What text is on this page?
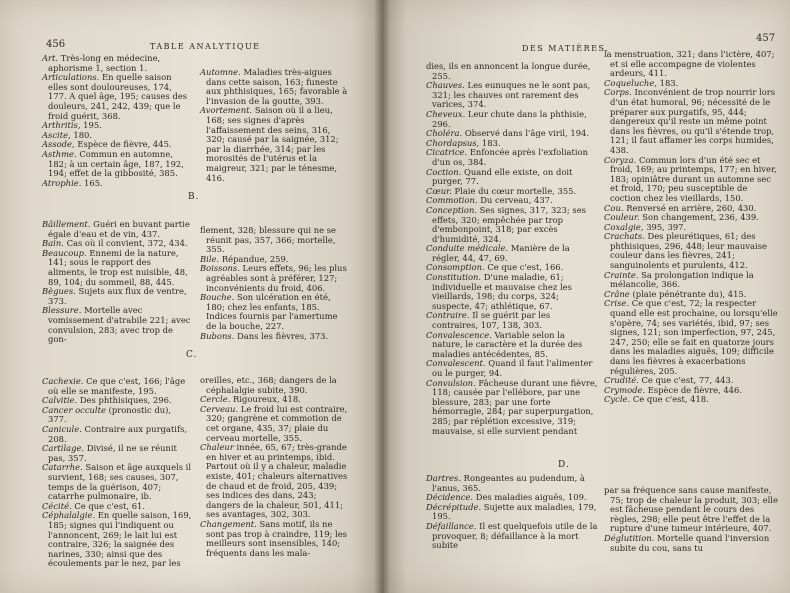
456	TABLE ANALYTIQUE
Art. Très-long en médecine, aphorisme 1, section 1.
Articulations. En quelle saison elles sont douloureuses, 174, 177. A quel âge, 195; causes des douleurs, 241, 242, 439; que le froid guérit, 368.
Arthritis, 195.
Ascite, 180.
Assode, Espèce de fièvre, 445.
Asthme. Commun en automne, 182; à un certain âge, 187, 192, 194; effet de la gibbosité, 385.
Atrophie. 165.
Automne. Maladies très-aigues dans cette saison, 163; funeste aux phthisiques, 165; favorable à l'invasion de la goutte, 393.
Avortement. Saison où il a lieu, 168; ses signes d'après l'affaissement des seins, 316, 320; causé par la saignée, 312; par la diarrhée, 314; par les morosités de l'utérus et la maigreur, 321; par le ténesme, 416.
B.
Bâillement. Guéri en buvant partie égale d'eau et de vin, 437.
Bain. Cas où il convient, 372, 434.
Beaucoup. Ennemi de la nature, 141; sous le rapport des aliments, le trop est nuisible, 48, 89, 104; du sommeil, 88, 445.
Bègues. Sujets aux flux de ventre, 373.
Blessure. Mortelle avec vomissement d'atrabile 221; avec convulsion, 283; avec trop de gon-
flement, 328; blessure qui ne se réunit pas, 357, 366; mortelle, 355.
Bile. Répandue, 259.
Boissons. Leurs effets, 96; les plus agréables sont à préférer, 127; inconvénients du froid, 406.
Bouche. Son ulcération en été, 180; chez les enfants, 185. Indices fournis par l'amertume de la bouche, 227.
Bubons. Dans les fièvres, 373.
C.
Cachexie. Ce que c'est, 166; l'âge où elle se manifeste, 195.
Calvitie. Des phthisiques, 296.
Cancer occulte (pronostic du), 377.
Canicule. Contraire aux purgatifs, 208.
Cartilage. Divisé, il ne se réunit pas, 357.
Catarrhe. Saison et âge auxquels il survient, 168; ses causes, 307, temps de la guérison, 407; catarrhe pulmonaire, ib.
Cécité. Ce que c'est, 61.
Céphalalgie. En quelle saison, 169, 185; signes qui l'indiquent ou l'annoncent, 269; le lait lui est contraire, 326; la saignée des narines, 330; ainsi que des écoulements par le nez, par les
oreilles, etc., 368; dangers de la céphalalgie subite, 390.
Cercle. Rigoureux, 418.
Cerveau. Le froid lui est contraire, 320; gangrène et commotion de cet organe, 435, 37; plaie du cerveau mortelle, 355.
Chaleur innée, 65, 67; très-grande en hiver et au printemps, ibid. Partout où il y a chaleur, maladie existe, 401; chaleurs alternatives de chaud et de froid, 205, 439; ses indices des dans, 243; dangers de la chaleur, 501, 411; ses avantages, 302, 303.
Changement. Sans motif, ils ne sont pas trop à craindre, 119; les meilleurs sont insensibles, 140; fréquents dans les mala-
DES MATIÈRES.
457
dies, ils en annoncent la longue durée, 255.
Chauves. Les eunuques ne le sont pas, 321; les chauves ont rarement des varices, 374.
Cheveux. Leur chute dans la phthisie, 296.
Choléra. Observé dans l'âge viril, 194.
Chordapsus, 183.
Cicatrice. Enfoncée après l'exfoliation d'un os, 384.
Coction. Quand elle existe, on doit purger, 77.
Cœur. Plaie du cœur mortelle, 355.
Commotion. Du cerveau, 437.
Conception. Ses signes, 317, 323; ses effets, 320; empêchée par trop d'embonpoint, 318; par excès d'humidité, 324.
Conduite médicale. Manière de la régler, 44, 47, 69.
Consomption. Ce que c'est, 166.
Constitution. D'une maladie, 61; individuelle et mauvaise chez les vieillards, 198; du corps, 324; suspecte, 47; athlétique, 67.
Contraire. Il se guérit par les contraires, 107, 138, 303.
Convalescence. Variable selon la nature, le caractère et la durée des maladies antécédentes, 85.
Convalescent. Quand il faut l'alimenter ou le purger, 94.
Convulsion. Fâcheuse durant une fièvre, 118; causée par l'ellébore, par une blessure, 283; par une forte hémorragie, 284; par superpurgation, 285; par réplétion excessive, 319; mauvaise, si elle survient pendant
la menstruation, 321; dans l'ictère, 407; et si elle accompagne de violentes ardeurs, 411.
Coqueluche, 183.
Corps. Inconvénient de trop nourrir lors d'un état humoral, 96; nécessité de le préparer aux purgatifs, 95, 444; dangereux qu'il reste un même point dans les fièvres, ou qu'il s'étende trop, 121; il faut affamer les corps humides, 438.
Coryza. Commun lors d'un été sec et froid, 169; au printemps, 177; en hiver, 183; opiniâtre durant un automne sec et froid, 170; peu susceptible de coction chez les vieillards, 150.
Cou. Renversé en arrière, 260, 430.
Couleur. Son changement, 236, 439.
Coxalgie, 395, 397.
Crachats. Des pleurétiques, 61; des phthisiques, 296, 448; leur mauvaise couleur dans les fièvres, 241; sanguinolents et purulents, 412.
Crainte. Sa prolongation indique la mélancolie, 366.
Crâne (plaie pénétrante du), 415.
Crise. Ce que c'est, 72; la respecter quand elle est prochaine, ou lorsqu'elle s'opère, 74; ses variétés, ibid, 97; ses signes, 121; son imperfection, 97, 245, 247, 250; elle se fait en quatorze jours dans les maladies aiguës, 109; difficile dans les fièvres à exacerbations régulières, 205.
Crudité. Ce que c'est, 77, 443.
Crymode. Espèce de fièvre, 446.
Cycle. Ce que c'est, 418.
D.
Dartres. Rongeantes au pudendum, à l'anus, 365.
Décidence. Des maladies aiguës, 109.
Décrépitude. Sujette aux maladies, 179, 195.
Défaillance. Il est quelquefois utile de la provoquer, 8; défaillance à la mort subite
par sa fréquence sans cause manifeste, 75; trop de chaleur la produit, 303; elle est fâcheuse pendant le cours des règles, 298; elle peut être l'effet de la rupture d'une tumeur intérieure, 407.
Déglutition. Mortelle quand l'inversion subite du cou, sans tu
